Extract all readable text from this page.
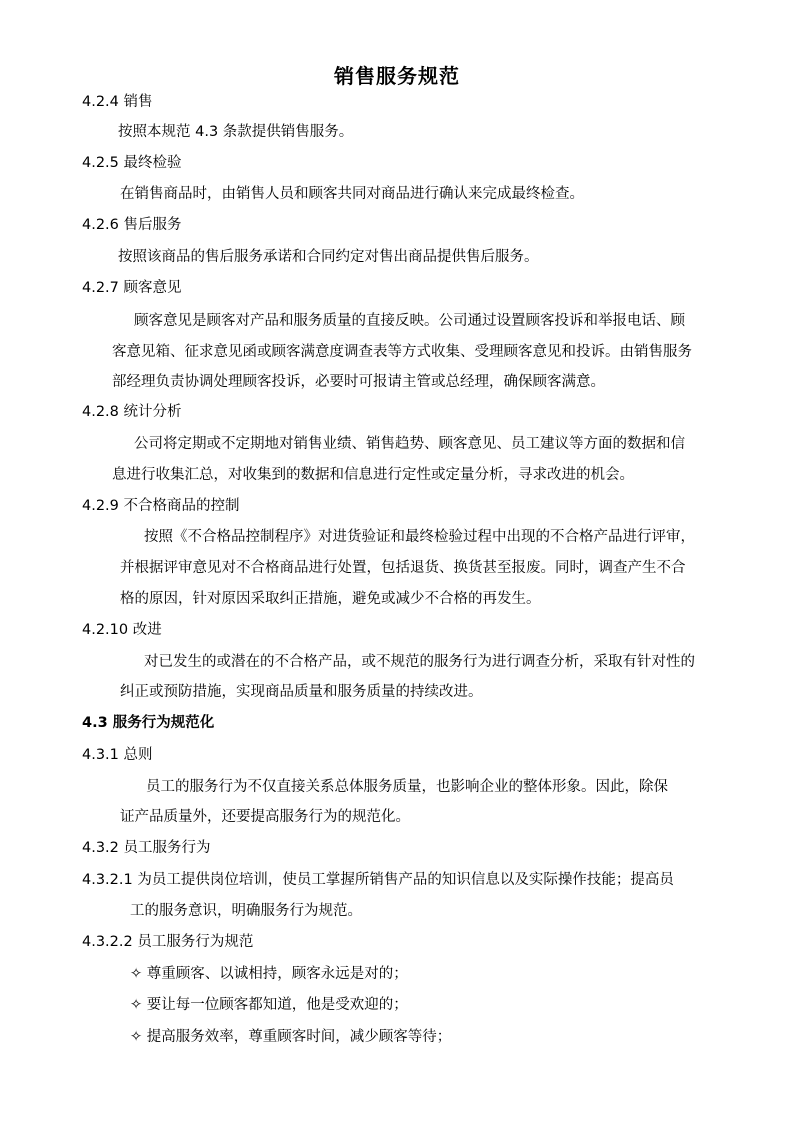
销售服务规范
4.2.4 销售
按照本规范 4.3 条款提供销售服务。
4.2.5 最终检验
在销售商品时，由销售人员和顾客共同对商品进行确认来完成最终检查。
4.2.6 售后服务
按照该商品的售后服务承诺和合同约定对售出商品提供售后服务。
4.2.7 顾客意见
顾客意见是顾客对产品和服务质量的直接反映。公司通过设置顾客投诉和举报电话、顾
客意见箱、征求意见函或顾客满意度调查表等方式收集、受理顾客意见和投诉。由销售服务
部经理负责协调处理顾客投诉，必要时可报请主管或总经理，确保顾客满意。
4.2.8 统计分析
公司将定期或不定期地对销售业绩、销售趋势、顾客意见、员工建议等方面的数据和信
息进行收集汇总，对收集到的数据和信息进行定性或定量分析，寻求改进的机会。
4.2.9 不合格商品的控制
按照《不合格品控制程序》对进货验证和最终检验过程中出现的不合格产品进行评审，
并根据评审意见对不合格商品进行处置，包括退货、换货甚至报废。同时，调查产生不合
格的原因，针对原因采取纠正措施，避免或减少不合格的再发生。
4.2.10 改进
对已发生的或潜在的不合格产品，或不规范的服务行为进行调查分析，采取有针对性的
纠正或预防措施，实现商品质量和服务质量的持续改进。
4.3 服务行为规范化
4.3.1 总则
员工的服务行为不仅直接关系总体服务质量，也影响企业的整体形象。因此，除保
证产品质量外，还要提高服务行为的规范化。
4.3.2 员工服务行为
4.3.2.1 为员工提供岗位培训，使员工掌握所销售产品的知识信息以及实际操作技能；提高员
工的服务意识，明确服务行为规范。
4.3.2.2 员工服务行为规范
✧ 尊重顾客、以诚相持，顾客永远是对的；
✧ 要让每一位顾客都知道，他是受欢迎的；
✧ 提高服务效率，尊重顾客时间，减少顾客等待；
